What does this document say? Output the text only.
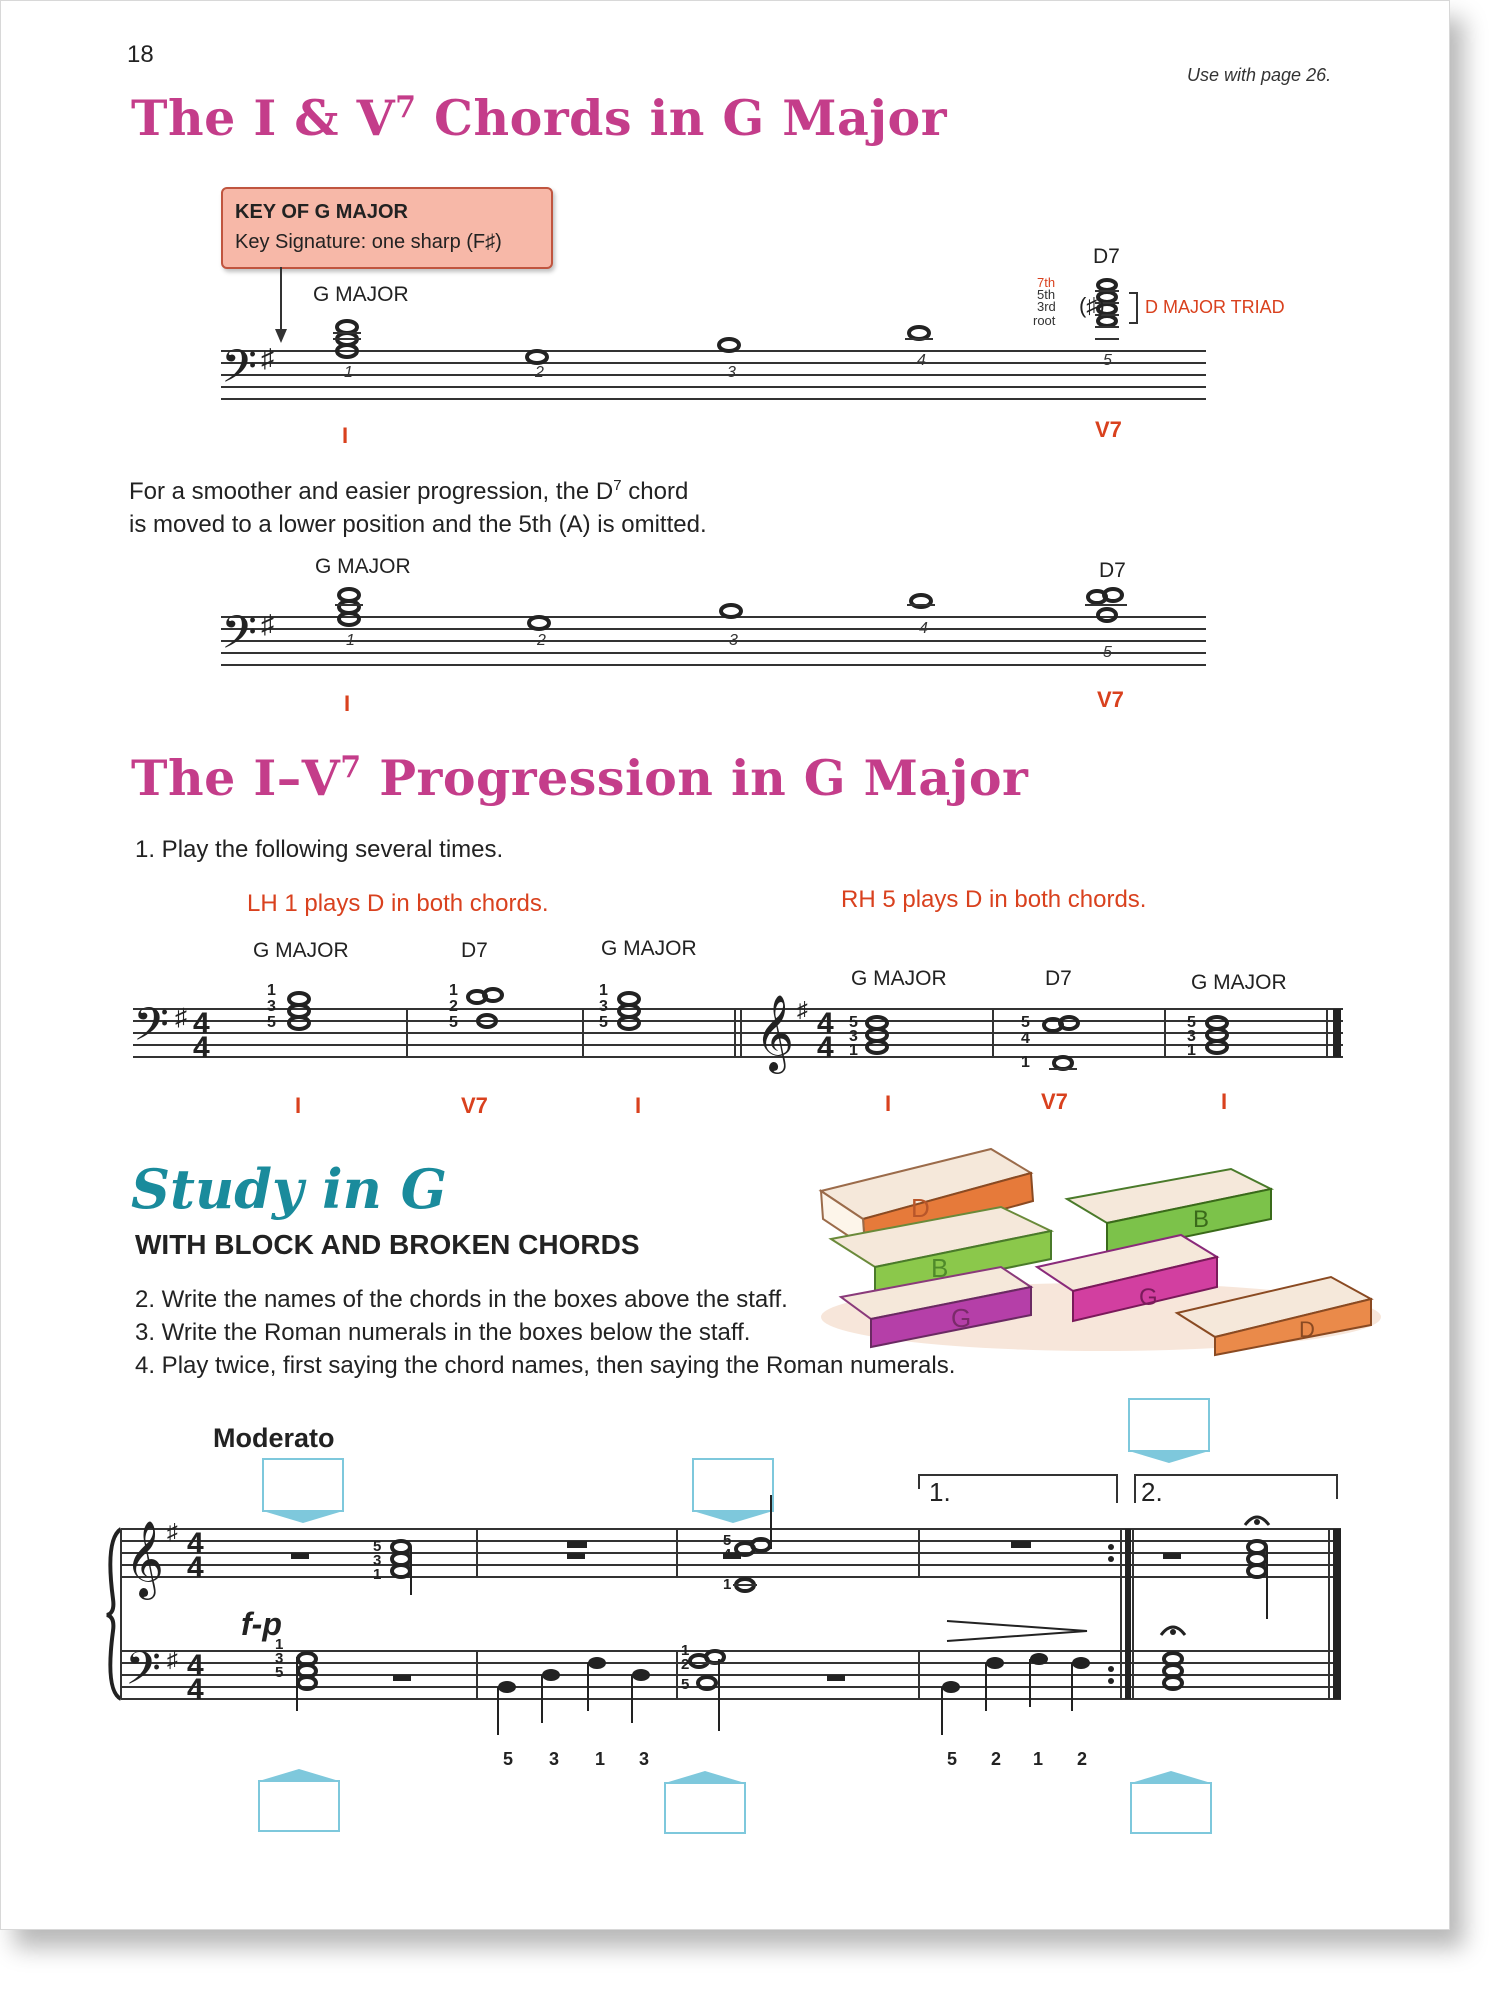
18
Use with page 26.
The I & $V^7$ Chords in G Major
KEY OF G MAJOR
Key Signature: one sharp (F♯)
𝄢 ♯
G MAJOR
D7
(♯)
7th
5th
3rd
root
D MAJOR TRIAD
1	2	3
4	5
I	V7
For a smoother and easier progression, the $D^7$ chord
is moved to a lower position and the 5th (A) is omitted.
𝄢 ♯
G MAJOR	D7
1	2	3
4
5
I	V7
The $I-V^7$ Progression in G Major
1. Play the following several times.
LH 1 plays D in both chords.	RH 5 plays D in both chords.
𝄢 ♯ 4
4	𝄞 ♯ 4
4
G MAJOR	D7	G MAJOR
G MAJOR	D7	G MAJOR
1
3
5
1
2
5
1
3
5	5
3
1
5
4
1
5
3
1
I	V7	I	I	V7	I
Study in G
WITH BLOCK AND BROKEN CHORDS
2. Write the names of the chords in the boxes above the staff.
3. Write the Roman numerals in the boxes below the staff.
4. Play twice, first saying the chord names, then saying the Roman numerals.
D
B
G
B
G
D
Moderato
1.	2.
𝄞
𝄢
♯
♯
4
4
4
4
f-p
5
3
1
5
4
1
1
3
5
5 3 1 3
1
2
5
5 2 1 2
